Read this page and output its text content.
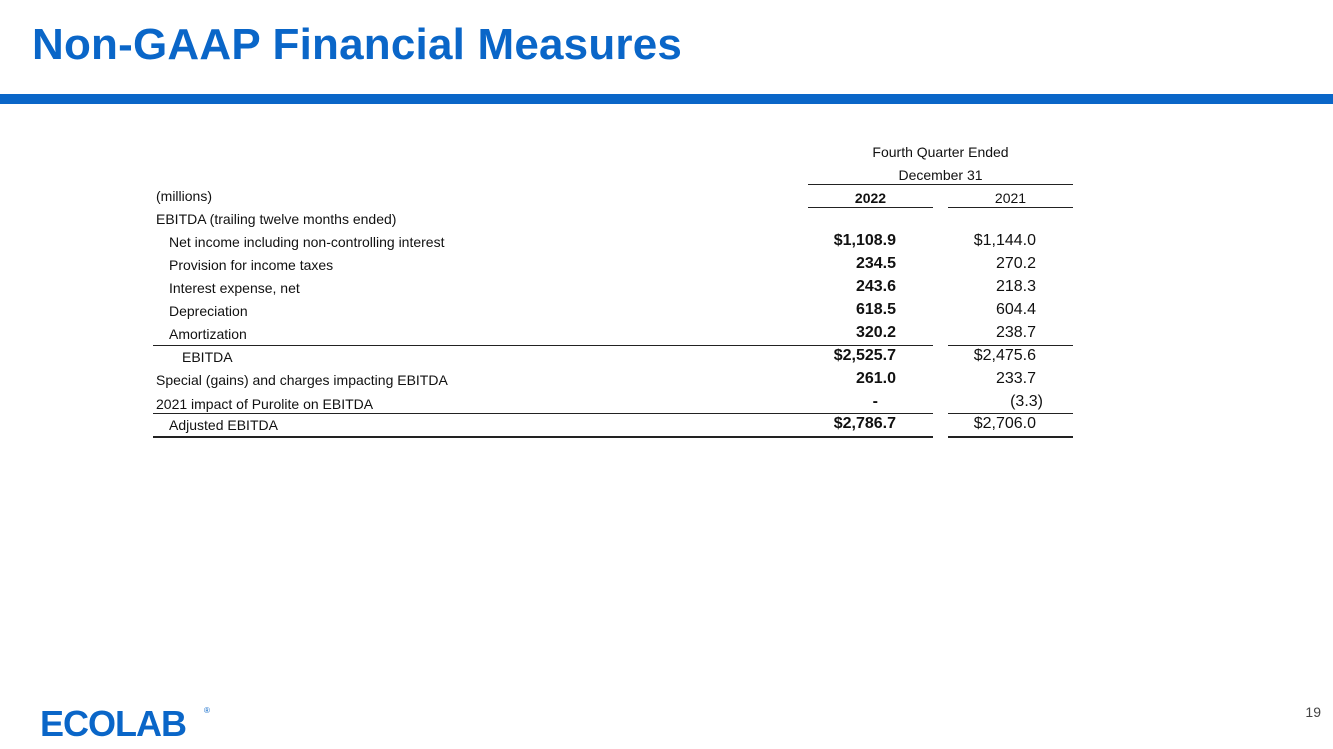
Non-GAAP Financial Measures
Fourth Quarter Ended
December 31
(millions)	2022	2021
EBITDA (trailing twelve months ended)
Net income including non-controlling interest	$1,108.9	$1,144.0
Provision for income taxes	234.5	270.2
Interest expense, net	243.6	218.3
Depreciation	618.5	604.4
Amortization	320.2	238.7
EBITDA	$2,525.7	$2,475.6
Special (gains) and charges impacting EBITDA	261.0	233.7
2021 impact of Purolite on EBITDA	-	(3.3)
Adjusted EBITDA	$2,786.7	$2,706.0
ECOLAB ®	19
